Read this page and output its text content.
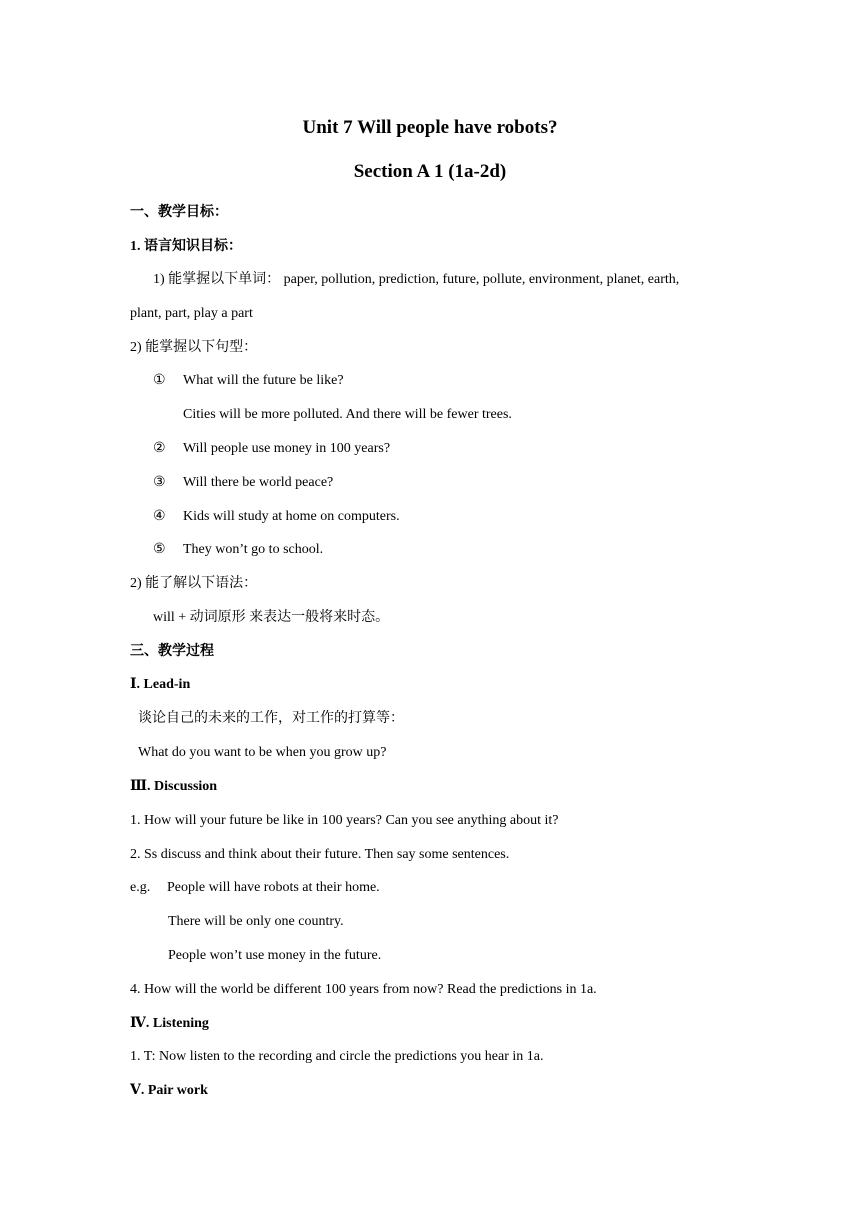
Unit 7 Will people have robots?
Section A 1 (1a-2d)
一、教学目标：
1. 语言知识目标：
1) 能掌握以下单词： paper, pollution, prediction, future, pollute, environment, planet, earth,
plant, part, play a part
2) 能掌握以下句型：
① What will the future be like?
Cities will be more polluted. And there will be fewer trees.
② Will people use money in 100 years?
③ Will there be world peace?
④ Kids will study at home on computers.
⑤ They won’t go to school.
2) 能了解以下语法：
will + 动词原形 来表达一般将来时态。
三、教学过程
Ⅰ. Lead-in
谈论自己的未来的工作，对工作的打算等：
What do you want to be when you grow up?
Ⅲ. Discussion
1. How will your future be like in 100 years? Can you see anything about it?
2. Ss discuss and think about their future. Then say some sentences.
e.g. People will have robots at their home.
There will be only one country.
People won’t use money in the future.
4. How will the world be different 100 years from now? Read the predictions in 1a.
Ⅳ. Listening
1. T: Now listen to the recording and circle the predictions you hear in 1a.
Ⅴ. Pair work
